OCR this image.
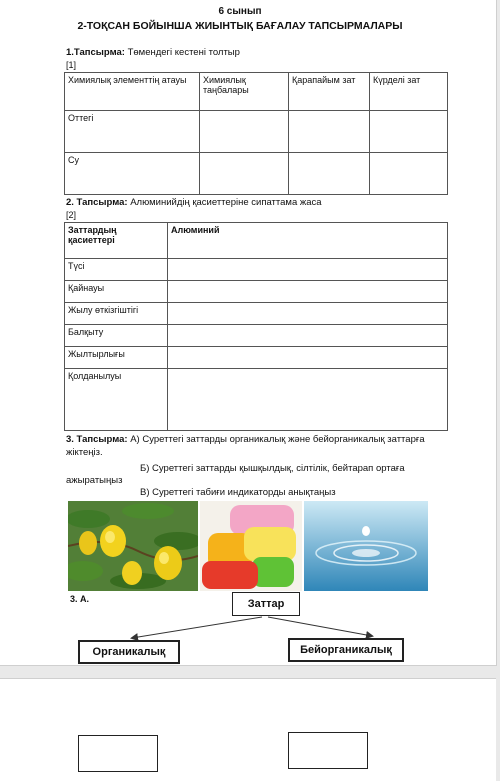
6 сынып
2-ТОҚСАН БОЙЫНША ЖИЫНТЫҚ БАҒАЛАУ ТАПСЫРМАЛАРЫ
1.Тапсырма: Төмендегі кестені толтыр
[1]
Химиялық элементтің атауы	Химиялық таңбалары	Қарапайым зат	Күрделі зат
Оттегі			
Су			
2. Тапсырма: Алюминийдің қасиеттеріне сипаттама жаса
[2]
Заттардың қасиеттері	Алюминий
Түсі	
Қайнауы	
Жылу өткізгіштігі	
Балқыту	
Жылтырлығы	
Қолданылуы	
3. Тапсырма: А) Суреттегі заттарды органикалық және бейорганикалық заттарға
жіктеңіз.
Б) Суреттегі заттарды қышқылдық, сілтілік, бейтарап ортаға
ажыратыңыз
В) Суреттегі табиғи индикаторды анықтаңыз
3. А.	Заттар
Органикалық	Бейорганикалық
